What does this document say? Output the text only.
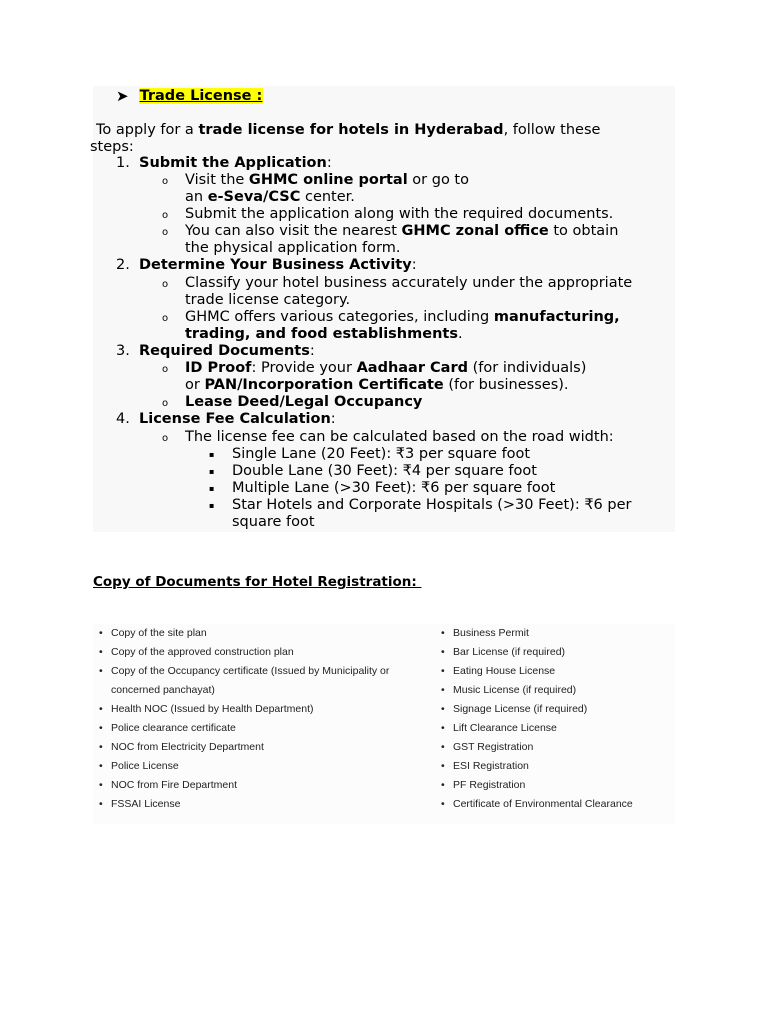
➤ Trade License :
To apply for a trade license for hotels in Hyderabad, follow these
steps:
1. Submit the Application:
o Visit the GHMC online portal or go to
an e-Seva/CSC center.
o Submit the application along with the required documents.
o You can also visit the nearest GHMC zonal office to obtain
the physical application form.
2. Determine Your Business Activity:
o Classify your hotel business accurately under the appropriate
trade license category.
o GHMC offers various categories, including manufacturing,
trading, and food establishments.
3. Required Documents:
o ID Proof: Provide your Aadhaar Card (for individuals)
or PAN/Incorporation Certificate (for businesses).
o Lease Deed/Legal Occupancy
4. License Fee Calculation:
o The license fee can be calculated based on the road width:
▪ Single Lane (20 Feet): ₹3 per square foot
▪ Double Lane (30 Feet): ₹4 per square foot
▪ Multiple Lane (>30 Feet): ₹6 per square foot
▪ Star Hotels and Corporate Hospitals (>30 Feet): ₹6 per
square foot
Copy of Documents for Hotel Registration:
• Copy of the site plan
• Copy of the approved construction plan
• Copy of the Occupancy certificate (Issued by Municipality or concerned panchayat)
• Health NOC (Issued by Health Department)
• Police clearance certificate
• NOC from Electricity Department
• Police License
• NOC from Fire Department
• FSSAI License
• Business Permit
• Bar License (if required)
• Eating House License
• Music License (if required)
• Signage License (if required)
• Lift Clearance License
• GST Registration
• ESI Registration
• PF Registration
• Certificate of Environmental Clearance
